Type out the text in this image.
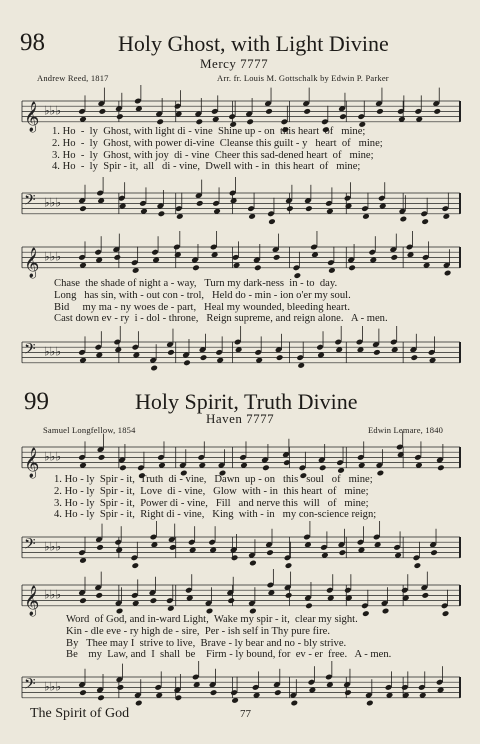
98	Holy Ghost, with Light Divine
Mercy 7777
Andrew Reed, 1817	Arr. fr. Louis M. Gottschalk by Edwin P. Parker
𝄞 ♭♭♭
1. Ho  -  ly  Ghost, with light di - vine  Shine up - on  this heart  of   mine;
2. Ho  -  ly  Ghost, with power di-vine  Cleanse this guilt - y   heart  of   mine;
3. Ho  -  ly  Ghost, with joy  di - vine  Cheer this sad-dened heart  of   mine;
4. Ho  -  ly  Spir - it,  all   di - vine,  Dwell with - in  this heart  of   mine;
𝄢 ♭♭♭
𝄞 ♭♭♭
Chase  the shade of night a - way,   Turn my dark-ness  in - to  day.
Long   has sin, with - out con - trol,   Held do - min - ion o'er my soul.
Bid     my ma - ny woes de - part,   Heal my wounded, bleeding heart.
Cast down ev - ry  i - dol - throne,   Reign supreme, and reign alone.   A - men.
𝄢 ♭♭♭
99	Holy Spirit, Truth Divine
Haven 7777
Samuel Longfellow, 1854	Edwin Lemare, 1840
𝄞 ♭♭♭
1. Ho - ly  Spir - it,  Truth  di - vine,   Dawn  up - on   this   soul   of   mine;
2. Ho - ly  Spir - it,  Love  di - vine,   Glow  with - in  this heart  of   mine;
3. Ho - ly  Spir - it,  Power di - vine,   Fill   and nerve this  will   of   mine;
4. Ho - ly  Spir - it,  Right di - vine,   King  with - in   my con-science reign;
𝄢 ♭♭♭
𝄞 ♭♭♭
Word  of God, and in-ward Light,  Wake my spir - it,  clear my sight.
Kin - dle eve - ry high de - sire,  Per - ish self in Thy pure fire.
By   Thee may I  strive to live,  Brave - ly bear and no - bly strive.
Be    my  Law, and  I  shall  be    Firm - ly bound, for  ev - er  free.   A - men.
𝄢 ♭♭♭
The Spirit of God	77
